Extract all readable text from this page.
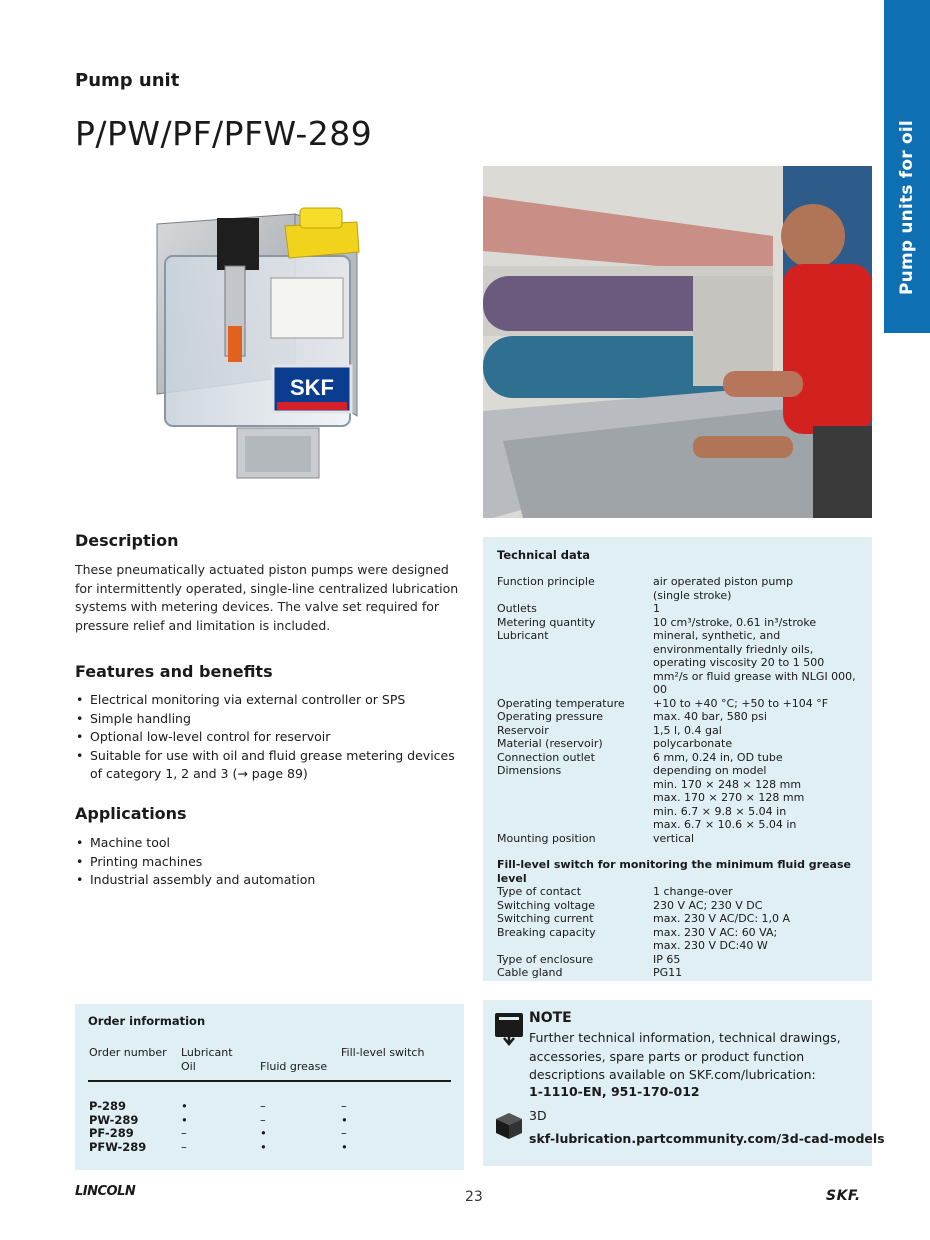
Pump units for oil
Pump unit
P/PW/PF/PFW-289
SKF
Description

These pneumatically actuated piston pumps were designed for intermittently operated, single-line centralized lubrication systems with metering devices. The valve set required for pressure relief and limitation is included.

Features and benefits
• Electrical monitoring via external controller or SPS
• Simple handling
• Optional low-level control for reservoir
• Suitable for use with oil and fluid grease metering devices of category 1, 2 and 3 (→ page 89)
Applications
• Machine tool
• Printing machines
• Industrial assembly and automation
Technical data
Function principle	air operated piston pump
(single stroke)
Outlets	1
Metering quantity	10 cm³/stroke, 0.61 in³/stroke
Lubricant	mineral, synthetic, and environmentally friednly oils, operating viscosity 20 to 1 500 mm²/s or fluid grease with NLGI 000, 00
Operating temperature	+10 to +40 °C; +50 to +104 °F
Operating pressure	max. 40 bar, 580 psi
Reservoir	1,5 l, 0.4 gal
Material (reservoir)	polycarbonate
Connection outlet	6 mm, 0.24 in, OD tube
Dimensions	depending on model
min. 170 × 248 × 128 mm
max. 170 × 270 × 128 mm
min. 6.7 × 9.8 × 5.04 in
max. 6.7 × 10.6 × 5.04 in
Mounting position	vertical
Fill-level switch for monitoring the minimum fluid grease level
Type of contact	1 change-over
Switching voltage	230 V AC; 230 V DC
Switching current	max. 230 V AC/DC: 1,0 A
Breaking capacity	max. 230 V AC: 60 VA;
max. 230 V DC:40 W
Type of enclosure	IP 65
Cable gland	PG11
Order information
Order number Lubricant
Oil	Fluid grease
Fill-level switch
P-289	•	–	–
PW-289	•	–	•
PF-289	–	•	–
PFW-289	–	•	•
NOTE
Further technical information, technical drawings, accessories, spare parts or product function descriptions available on SKF.com/lubrication:
1-1110-EN, 951-170-012
3D
skf-lubrication.partcommunity.com/3d-cad-models
LINCOLN	23	SKF.
